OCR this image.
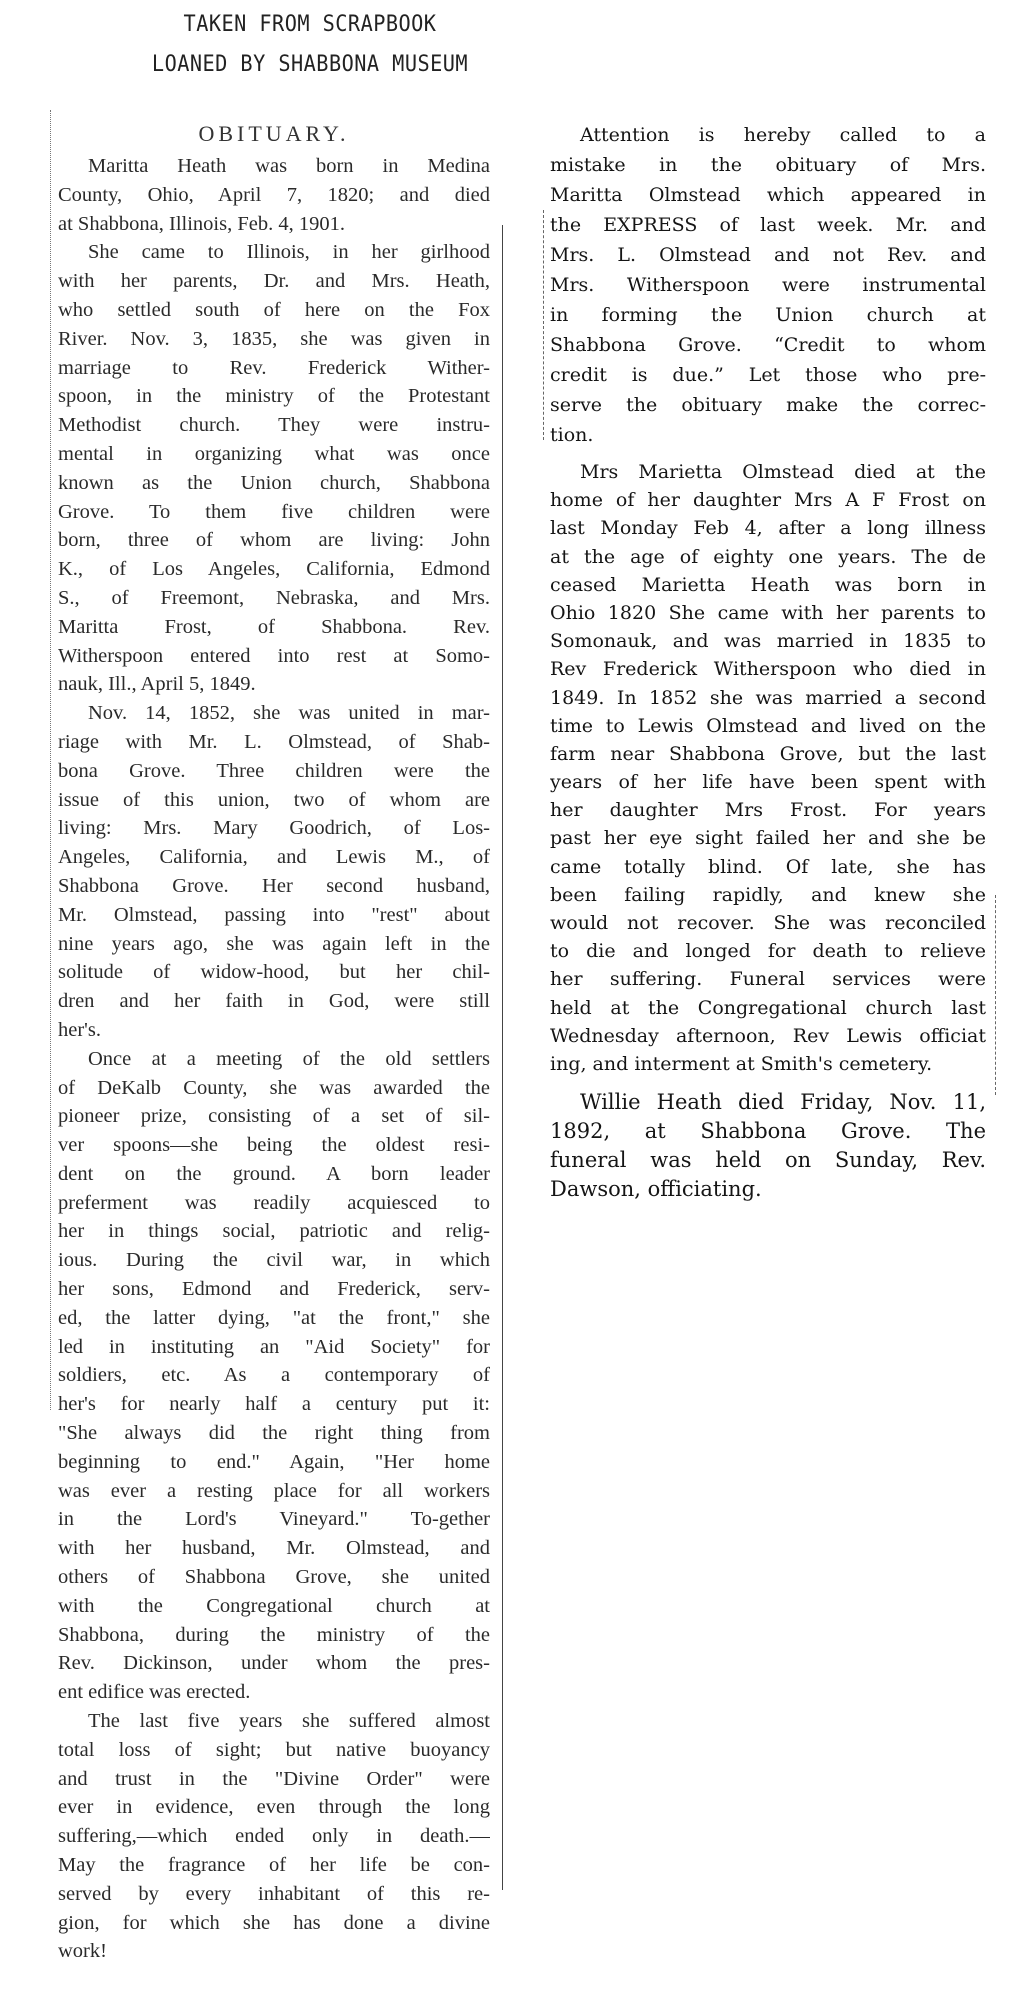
TAKEN FROM SCRAPBOOK
LOANED BY SHABBONA MUSEUM
OBITUARY.
Maritta Heath was born in Medina
County, Ohio, April 7, 1820; and died
at Shabbona, Illinois, Feb. 4, 1901.
She came to Illinois, in her girlhood
with her parents, Dr. and Mrs. Heath,
who settled south of here on the Fox
River. Nov. 3, 1835, she was given in
marriage to Rev. Frederick Wither-
spoon, in the ministry of the Protestant
Methodist church. They were instru-
mental in organizing what was once
known as the Union church, Shabbona
Grove. To them five children were
born, three of whom are living: John
K., of Los Angeles, California, Edmond
S., of Freemont, Nebraska, and Mrs.
Maritta Frost, of Shabbona. Rev.
Witherspoon entered into rest at Somo-
nauk, Ill., April 5, 1849.
Nov. 14, 1852, she was united in mar-
riage with Mr. L. Olmstead, of Shab-
bona Grove. Three children were the
issue of this union, two of whom are
living: Mrs. Mary Goodrich, of Los-
Angeles, California, and Lewis M., of
Shabbona Grove. Her second husband,
Mr. Olmstead, passing into "rest" about
nine years ago, she was again left in the
solitude of widow-hood, but her chil-
dren and her faith in God, were still
her's.
Once at a meeting of the old settlers
of DeKalb County, she was awarded the
pioneer prize, consisting of a set of sil-
ver spoons—she being the oldest resi-
dent on the ground. A born leader
preferment was readily acquiesced to
her in things social, patriotic and relig-
ious. During the civil war, in which
her sons, Edmond and Frederick, serv-
ed, the latter dying, "at the front," she
led in instituting an "Aid Society" for
soldiers, etc. As a contemporary of
her's for nearly half a century put it:
"She always did the right thing from
beginning to end." Again, "Her home
was ever a resting place for all workers
in the Lord's Vineyard." To-gether
with her husband, Mr. Olmstead, and
others of Shabbona Grove, she united
with the Congregational church at
Shabbona, during the ministry of the
Rev. Dickinson, under whom the pres-
ent edifice was erected.
The last five years she suffered almost
total loss of sight; but native buoyancy
and trust in the "Divine Order" were
ever in evidence, even through the long
suffering,—which ended only in death.—
May the fragrance of her life be con-
served by every inhabitant of this re-
gion, for which she has done a divine
work!
Attention is hereby called to a
mistake in the obituary of Mrs.
Maritta Olmstead which appeared in
the EXPRESS of last week. Mr. and
Mrs. L. Olmstead and not Rev. and
Mrs. Witherspoon were instrumental
in forming the Union church at
Shabbona Grove. “Credit to whom
credit is due.” Let those who pre-
serve the obituary make the correc-
tion.
Mrs Marietta Olmstead died at the
home of her daughter Mrs A F Frost on
last Monday Feb 4, after a long illness
at the age of eighty one years. The de
ceased Marietta Heath was born in
Ohio 1820 She came with her parents to
Somonauk, and was married in 1835 to
Rev Frederick Witherspoon who died in
1849. In 1852 she was married a second
time to Lewis Olmstead and lived on the
farm near Shabbona Grove, but the last
years of her life have been spent with
her daughter Mrs Frost. For years
past her eye sight failed her and she be
came totally blind. Of late, she has
been failing rapidly, and knew she
would not recover. She was reconciled
to die and longed for death to relieve
her suffering. Funeral services were
held at the Congregational church last
Wednesday afternoon, Rev Lewis officiat
ing, and interment at Smith's cemetery.
Willie Heath died Friday, Nov. 11,
1892, at Shabbona Grove. The
funeral was held on Sunday, Rev.
Dawson, officiating.
